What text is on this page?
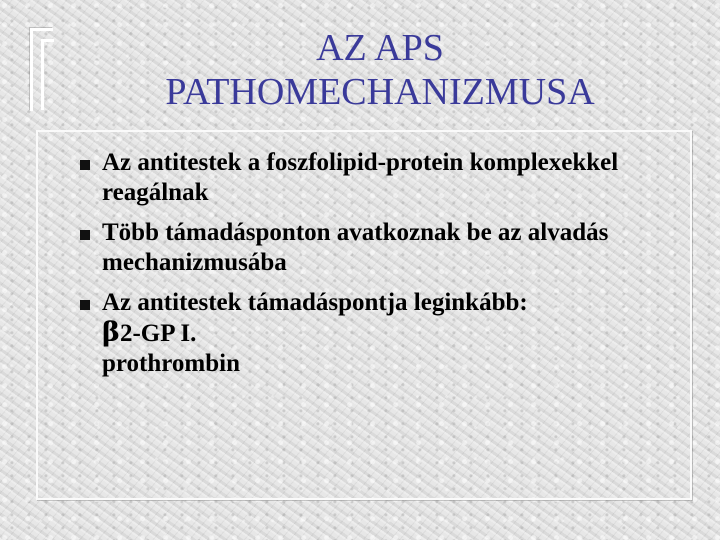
AZ APS
PATHOMECHANIZMUSA
Az antitestek a foszfolipid-protein komplexekkel reagálnak
Több támadásponton avatkoznak be az alvadás mechanizmusába
Az antitestek támadáspontja leginkább:
β2-GP I.
prothrombin
